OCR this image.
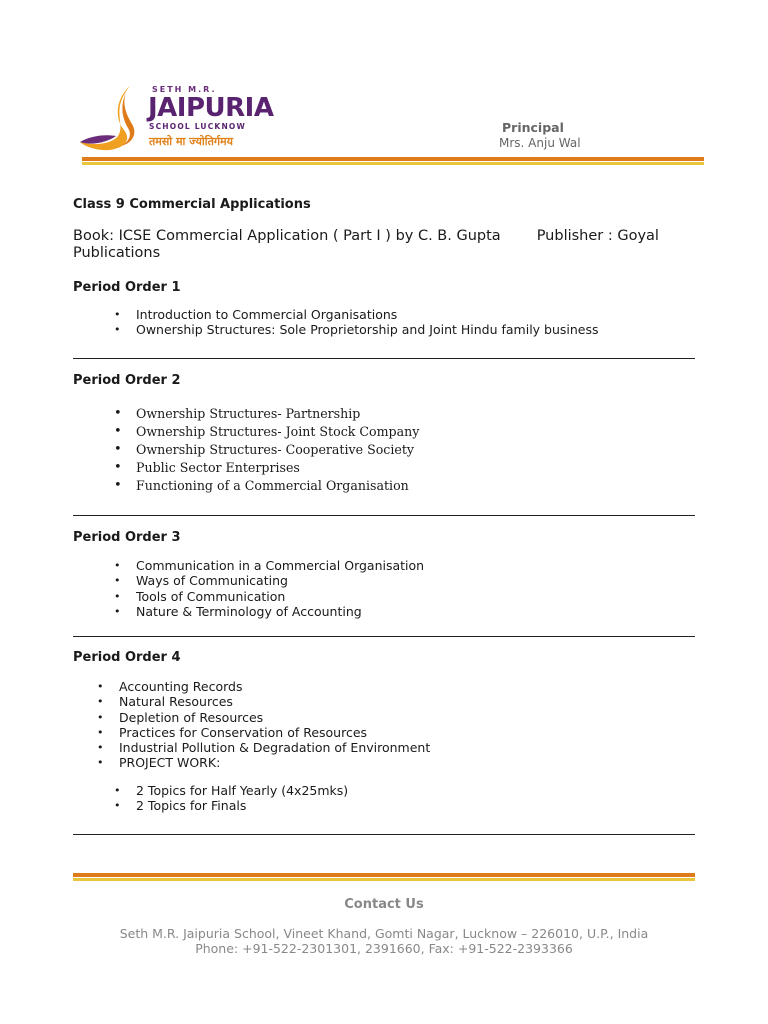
SETH M.R.
JAIPURIA
SCHOOL LUCKNOW
तमसो मा ज्योतिर्गमय
Principal
Mrs. Anju Wal
Class 9 Commercial Applications
Book: ICSE Commercial Application ( Part I ) by C. B. Gupta Publisher : Goyal Publications
Period Order 1
• Introduction to Commercial Organisations
• Ownership Structures: Sole Proprietorship and Joint Hindu family business
Period Order 2
• Ownership Structures- Partnership
• Ownership Structures- Joint Stock Company
• Ownership Structures- Cooperative Society
• Public Sector Enterprises
• Functioning of a Commercial Organisation
Period Order 3
• Communication in a Commercial Organisation
• Ways of Communicating
• Tools of Communication
• Nature & Terminology of Accounting
Period Order 4
• Accounting Records
• Natural Resources
• Depletion of Resources
• Practices for Conservation of Resources
• Industrial Pollution & Degradation of Environment
• PROJECT WORK:
• 2 Topics for Half Yearly (4x25mks)
• 2 Topics for Finals
Contact Us
Seth M.R. Jaipuria School, Vineet Khand, Gomti Nagar, Lucknow – 226010, U.P., India
Phone: +91-522-2301301, 2391660, Fax: +91-522-2393366
